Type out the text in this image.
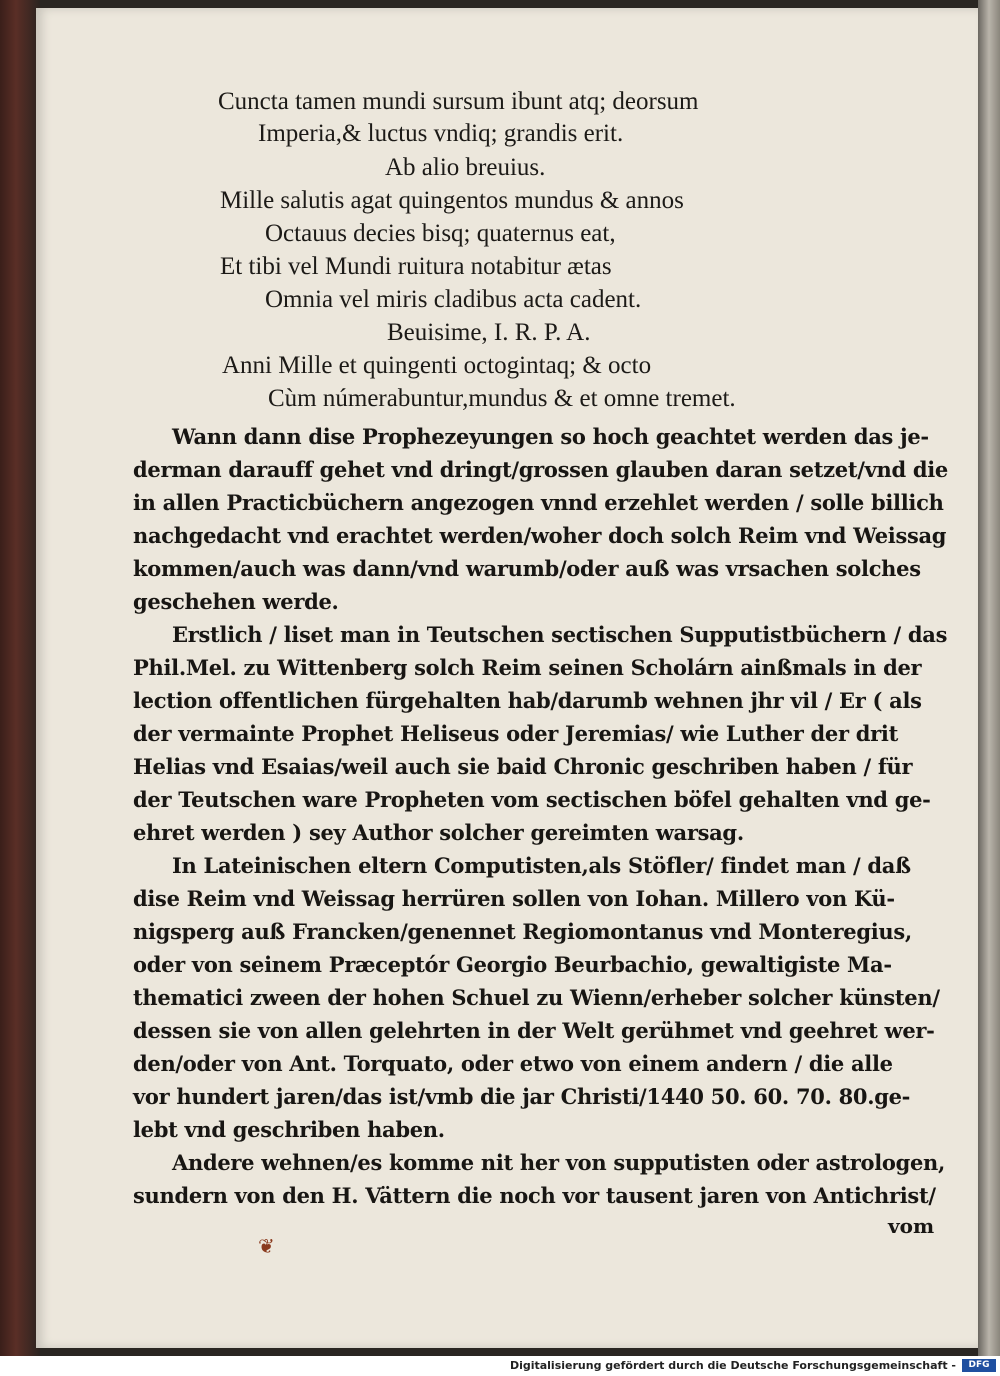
Cuncta tamen mundi sursum ibunt atq; deorsum
Imperia,& luctus vndiq; grandis erit.
Ab alio breuius.
Mille salutis agat quingentos mundus & annos
Octauus decies bisq; quaternus eat,
Et tibi vel Mundi ruitura notabitur ætas
Omnia vel miris cladibus acta cadent.
Beuisime, I. R. P. A.
Anni Mille et quingenti octogintaq; & octo
Cùm númerabuntur,mundus & et omne tremet.
Wann dann dise Prophezeyungen so hoch geachtet werden das je-
derman darauff gehet vnd dringt/grossen glauben daran setzet/vnd die
in allen Practicbüchern angezogen vnnd erzehlet werden / solle billich
nachgedacht vnd erachtet werden/woher doch solch Reim vnd Weissag
kommen/auch was dann/vnd warumb/oder auß was vrsachen solches
geschehen werde.
Erstlich / liset man in Teutschen sectischen Supputistbüchern / das
Phil.Mel. zu Wittenberg solch Reim seinen Scholárn ainßmals in der
lection offentlichen fürgehalten hab/darumb wehnen jhr vil / Er ( als
der vermainte Prophet Heliseus oder Jeremias/ wie Luther der drit
Helias vnd Esaias/weil auch sie baid Chronic geschriben haben / für
der Teutschen ware Propheten vom sectischen böfel gehalten vnd ge-
ehret werden ) sey Author solcher gereimten warsag.
In Lateinischen eltern Computisten,als Stöfler/ findet man / daß
dise Reim vnd Weissag herrüren sollen von Iohan. Millero von Kü-
nigsperg auß Francken/genennet Regiomontanus vnd Monteregius,
oder von seinem Præceptór Georgio Beurbachio, gewaltigiste Ma-
thematici zween der hohen Schuel zu Wienn/erheber solcher künsten/
dessen sie von allen gelehrten in der Welt gerühmet vnd geehret wer-
den/oder von Ant. Torquato, oder etwo von einem andern / die alle
vor hundert jaren/das ist/vmb die jar Christi/1440 50. 60. 70. 80.ge-
lebt vnd geschriben haben.
Andere wehnen/es komme nit her von supputisten oder astrologen,
sundern von den H. Vättern die noch vor tausent jaren von Antichrist/
vom
❦
Digitalisierung gefördert durch die Deutsche Forschungsgemeinschaft -	DFG
